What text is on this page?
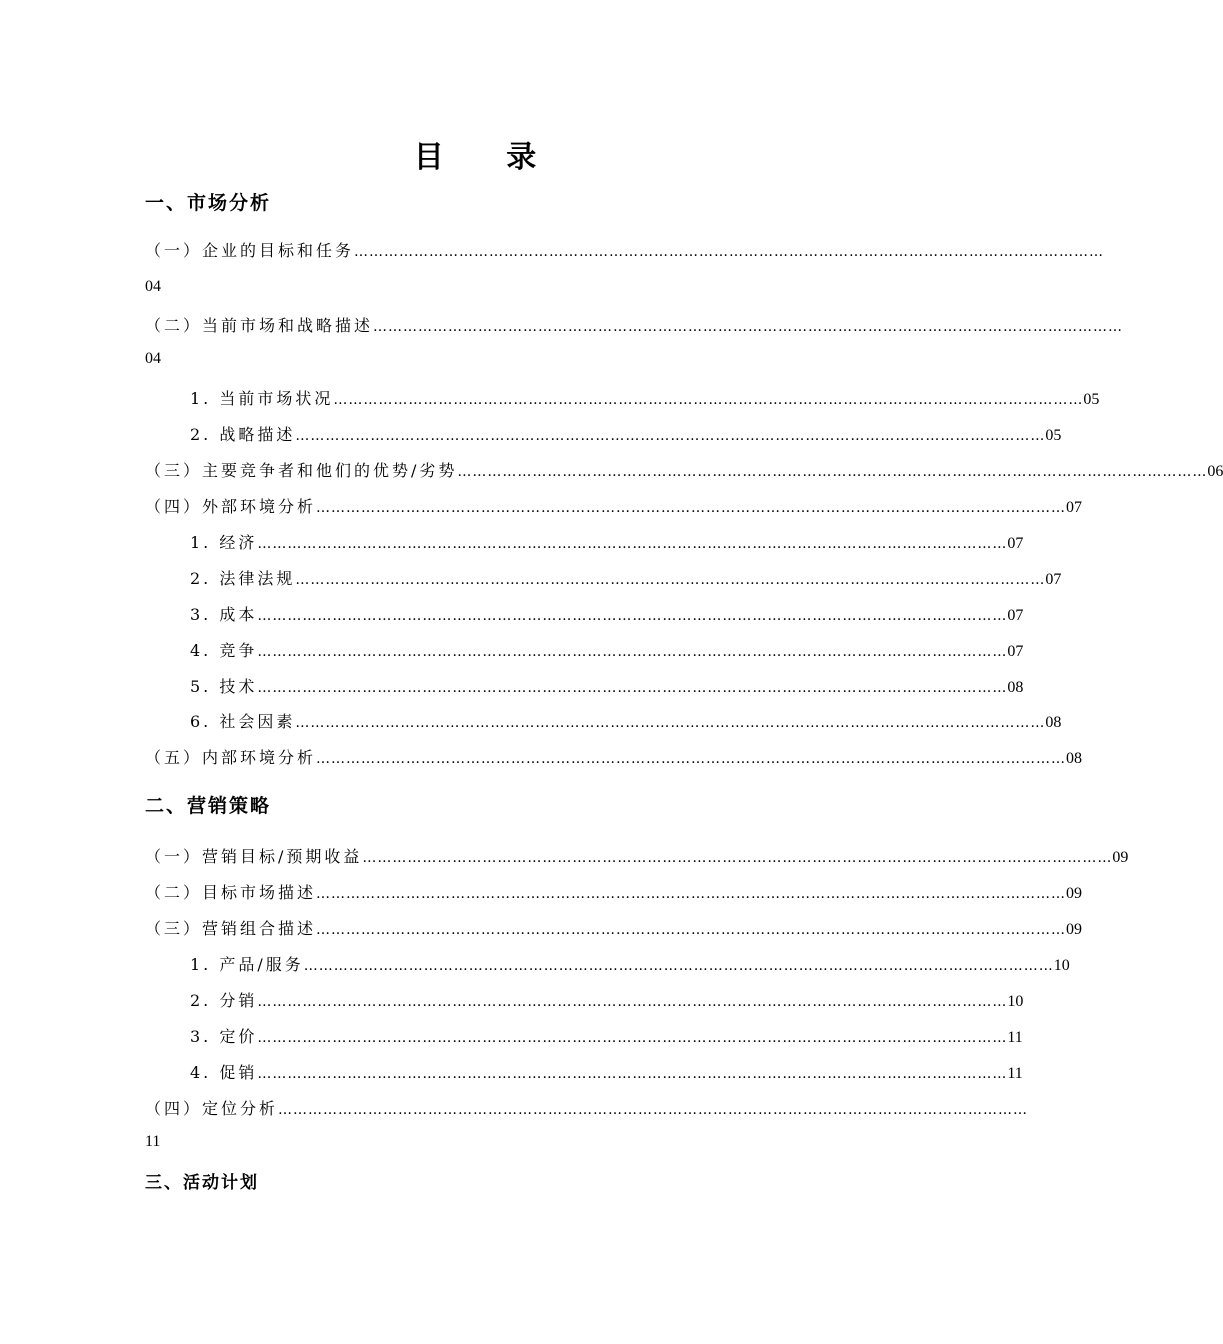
目 录
一、市场分析
（一）企业的目标和任务 ……………………………………………………………………………………………………………………………………
04
（二）当前市场和战略描述 ……………………………………………………………………………………………………………………………………
04
1. 当前市场状况 …………………………………………………………………………………………………………………………………… 05
2. 战略描述 …………………………………………………………………………………………………………………………………… 05
（三）主要竞争者和他们的优势/劣势 …………………………………………………………………………………………………………………………………… 06
（四）外部环境分析 …………………………………………………………………………………………………………………………………… 07
1. 经济 …………………………………………………………………………………………………………………………………… 07
2. 法律法规 …………………………………………………………………………………………………………………………………… 07
3. 成本 …………………………………………………………………………………………………………………………………… 07
4. 竞争 …………………………………………………………………………………………………………………………………… 07
5. 技术 …………………………………………………………………………………………………………………………………… 08
6. 社会因素 …………………………………………………………………………………………………………………………………… 08
（五）内部环境分析 …………………………………………………………………………………………………………………………………… 08
二、营销策略
（一）营销目标/预期收益 …………………………………………………………………………………………………………………………………… 09
（二）目标市场描述 …………………………………………………………………………………………………………………………………… 09
（三）营销组合描述 …………………………………………………………………………………………………………………………………… 09
1. 产品/服务 …………………………………………………………………………………………………………………………………… 10
2. 分销 …………………………………………………………………………………………………………………………………… 10
3. 定价 …………………………………………………………………………………………………………………………………… 11
4. 促销 …………………………………………………………………………………………………………………………………… 11
（四）定位分析 ……………………………………………………………………………………………………………………………………
11
三、活动计划
